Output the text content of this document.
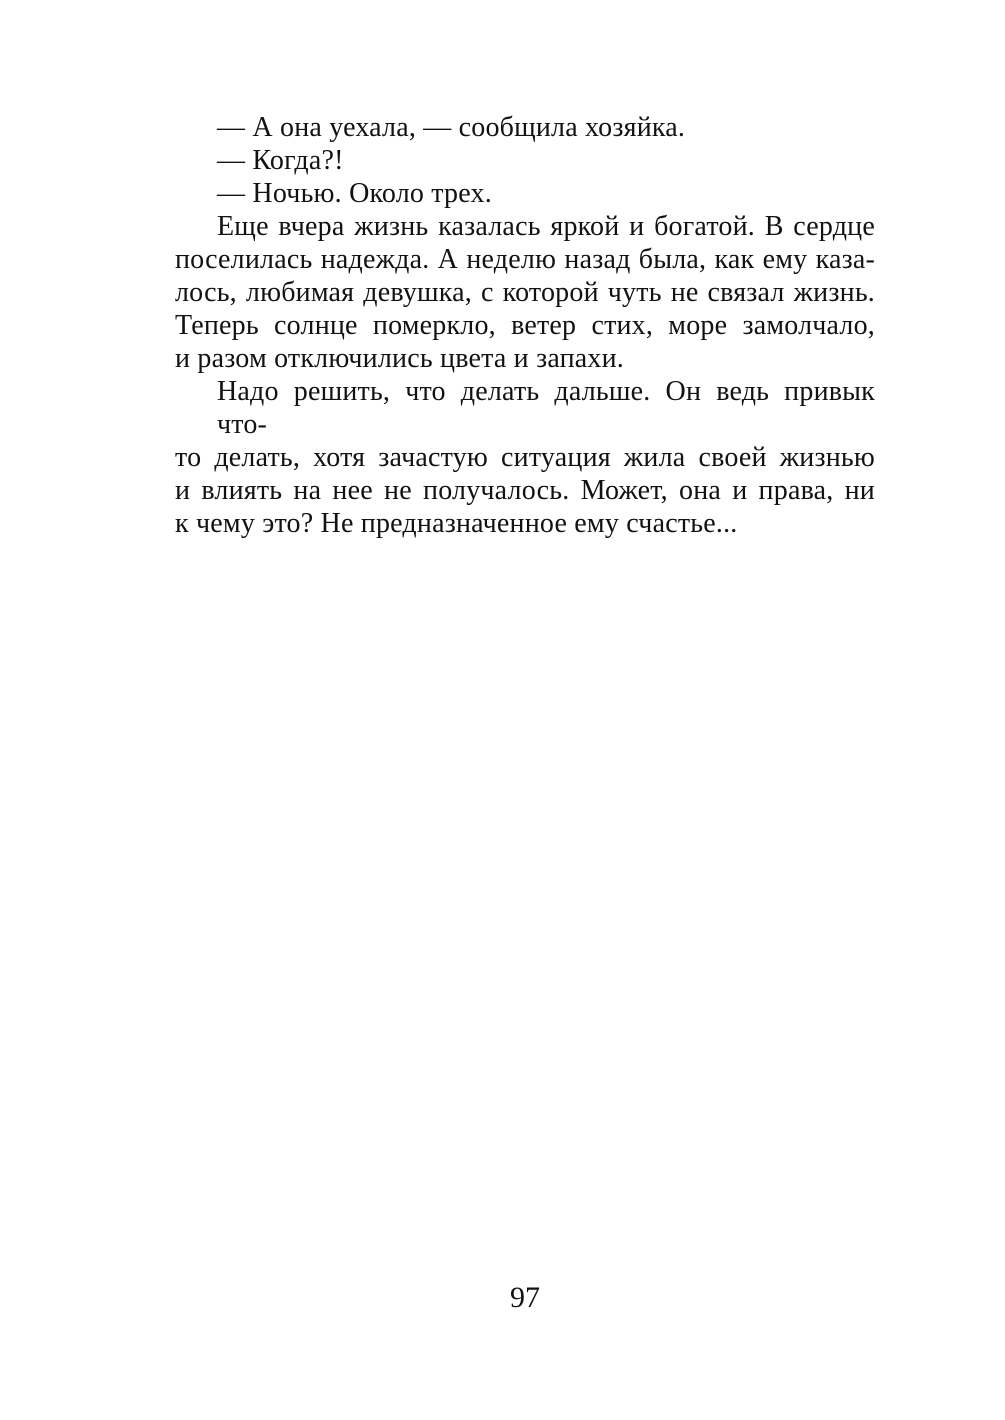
— А она уехала, — сообщила хозяйка.
— Когда?!
— Ночью. Около трех.
Еще вчера жизнь казалась яркой и богатой. В сердце
поселилась надежда. А неделю назад была, как ему каза-
лось, любимая девушка, с которой чуть не связал жизнь.
Теперь солнце померкло, ветер стих, море замолчало,
и разом отключились цвета и запахи.
Надо решить, что делать дальше. Он ведь привык что-
то делать, хотя зачастую ситуация жила своей жизнью
и влиять на нее не получалось. Может, она и права, ни
к чему это? Не предназначенное ему счастье...
97
